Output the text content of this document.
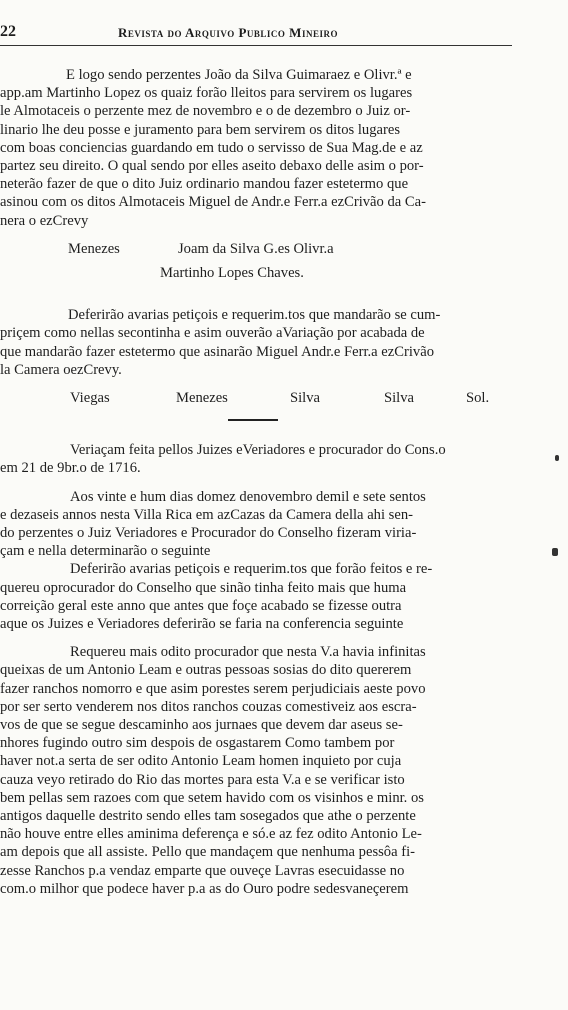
22	Revista do Arquivo Publico Mineiro

E logo sendo perzentes João da Silva Guimaraez e Olivr.ª e
app.am Martinho Lopez os quaiz forão lleitos para servirem os lugares
le Almotaceis o perzente mez de novembro e o de dezembro o Juiz or-
linario lhe deu posse e juramento para bem servirem os ditos lugares
com boas conciencias guardando em tudo o servisso de Sua Mag.de e az
partez seu direito. O qual sendo por elles aseito debaxo delle asim o por-
neterão fazer de que o dito Juiz ordinario mandou fazer estetermo que
asinou com os ditos Almotaceis Miguel de Andr.e Ferr.a ezCrivão da Ca-
nera o ezCrevy

Menezes	Joam da Silva G.es Olivr.a
Martinho Lopes Chaves.

Deferirão avarias petiçois e requerim.tos que mandarão se cum-
priçem como nellas secontinha e asim ouverão aVariação por acabada de
que mandarão fazer estetermo que asinarão Miguel Andr.e Ferr.a ezCrivão
la Camera oezCrevy.

Viegas	Menezes	Silva	Silva	Sol.

Veriaçam feita pellos Juizes eVeriadores e procurador do Cons.o
em 21 de 9br.o de 1716.

Aos vinte e hum dias domez denovembro demil e sete sentos
e dezaseis annos nesta Villa Rica em azCazas da Camera della ahi sen-
do perzentes o Juiz Veriadores e Procurador do Conselho fizeram viria-
çam e nella determinarão o seguinte

Deferirão avarias petiçois e requerim.tos que forão feitos e re-
quereu oprocurador do Conselho que sinão tinha feito mais que huma
correição geral este anno que antes que foçe acabado se fizesse outra
aque os Juizes e Veriadores deferirão se faria na conferencia seguinte

Requereu mais odito procurador que nesta V.a havia infinitas
queixas de um Antonio Leam e outras pessoas sosias do dito quererem
fazer ranchos nomorro e que asim porestes serem perjudiciais aeste povo
por ser serto venderem nos ditos ranchos couzas comestiveiz aos escra-
vos de que se segue descaminho aos jurnaes que devem dar aseus se-
nhores fugindo outro sim despois de osgastarem Como tambem por
haver not.a serta de ser odito Antonio Leam homen inquieto por cuja
cauza veyo retirado do Rio das mortes para esta V.a e se verificar isto
bem pellas sem razoes com que setem havido com os visinhos e minr. os
antigos daquelle destrito sendo elles tam sosegados que athe o perzente
não houve entre elles aminima deferença e só.e az fez odito Antonio Le-
am depois que all assiste. Pello que mandaçem que nenhuma pessôa fi-
zesse Ranchos p.a vendaz emparte que ouveçe Lavras esecuidasse no
com.o milhor que podece haver p.a as do Ouro podre sedesvaneçerem
